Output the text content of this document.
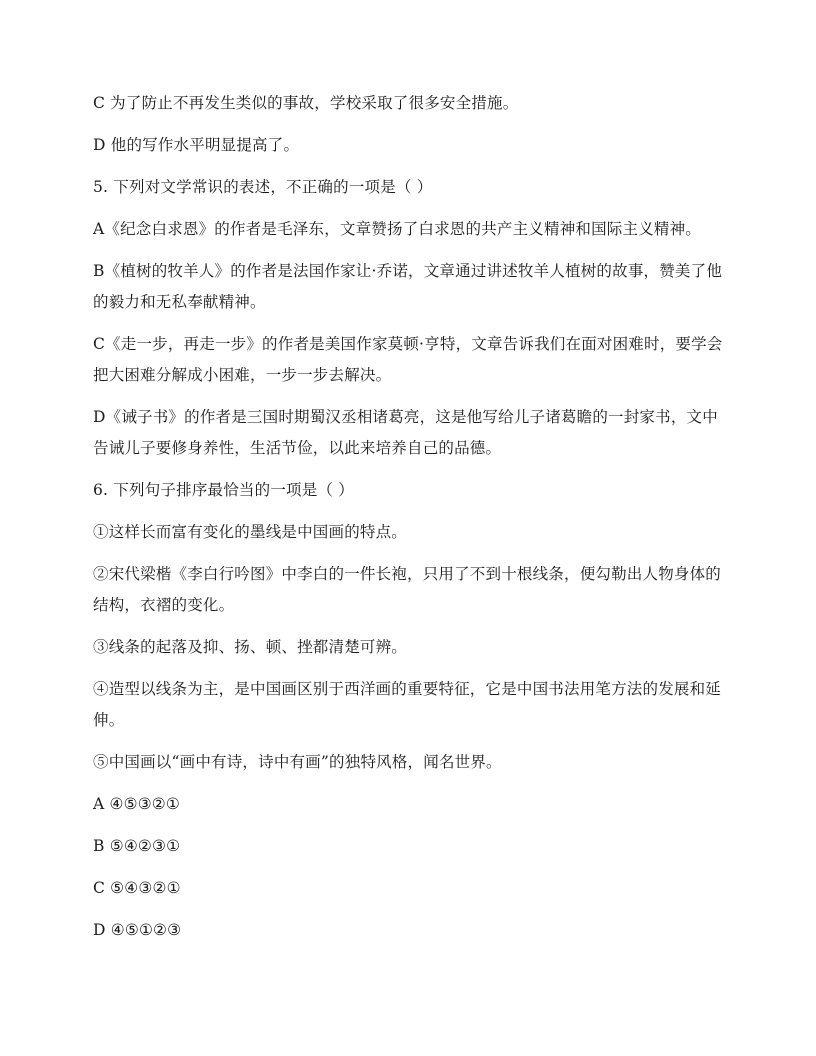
C 为了防止不再发生类似的事故，学校采取了很多安全措施。

D 他的写作水平明显提高了。

5. 下列对文学常识的表述，不正确的一项是（ ）

A《纪念白求恩》的作者是毛泽东，文章赞扬了白求恩的共产主义精神和国际主义精神。

B《植树的牧羊人》的作者是法国作家让·乔诺，文章通过讲述牧羊人植树的故事，赞美了他的毅力和无私奉献精神。

C《走一步，再走一步》的作者是美国作家莫顿·亨特，文章告诉我们在面对困难时，要学会把大困难分解成小困难，一步一步去解决。

D《诫子书》的作者是三国时期蜀汉丞相诸葛亮，这是他写给儿子诸葛瞻的一封家书，文中告诫儿子要修身养性，生活节俭，以此来培养自己的品德。

6. 下列句子排序最恰当的一项是（ ）

①这样长而富有变化的墨线是中国画的特点。

②宋代梁楷《李白行吟图》中李白的一件长袍，只用了不到十根线条，便勾勒出人物身体的结构，衣褶的变化。

③线条的起落及抑、扬、顿、挫都清楚可辨。

④造型以线条为主，是中国画区别于西洋画的重要特征，它是中国书法用笔方法的发展和延伸。

⑤中国画以“画中有诗，诗中有画”的独特风格，闻名世界。

A ④⑤③②①

B ⑤④②③①

C ⑤④③②①

D ④⑤①②③
